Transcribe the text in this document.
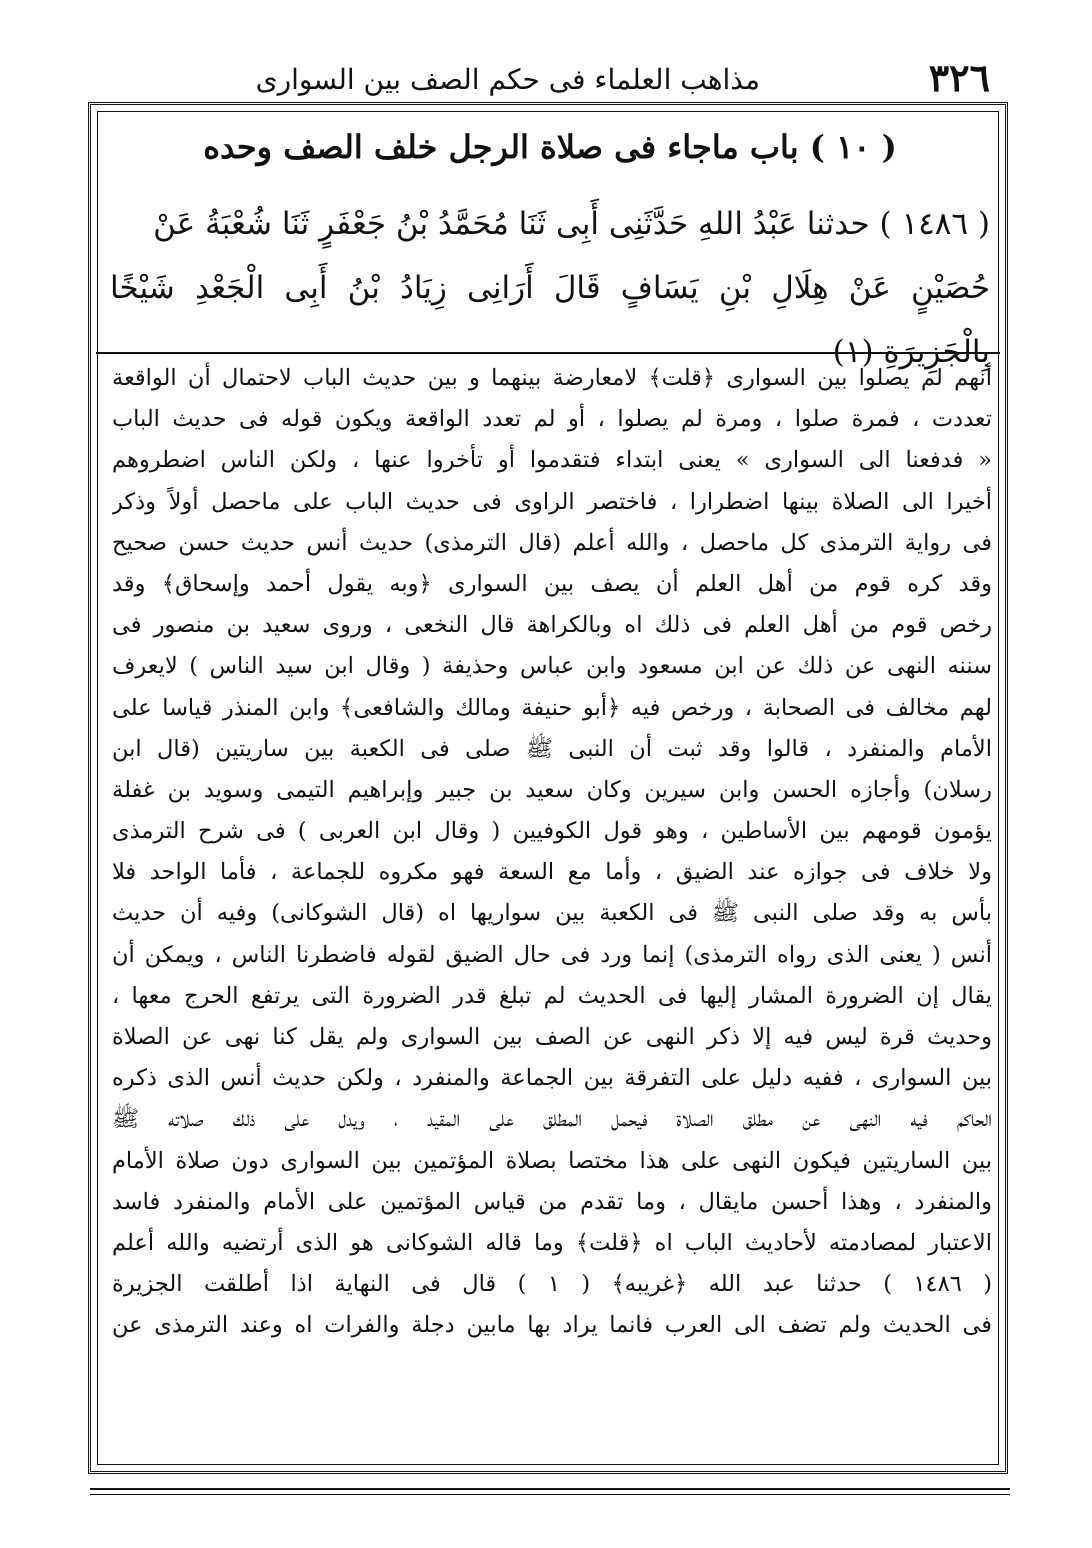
٣٢٦
مذاهب العلماء فى حكم الصف بين السوارى
( ١٠ ) باب ماجاء فى صلاة الرجل خلف الصف وحده
( ١٤٨٦ ) حدثنا عَبْدُ اللهِ حَدَّثَنِى أَبِى ثَنَا مُحَمَّدُ بْنُ جَعْفَرٍ ثَنَا شُعْبَةُ عَنْ
حُصَيْنٍ عَنْ هِلَالِ بْنِ يَسَافٍ قَالَ أَرَانِى زِيَادُ بْنُ أَبِى الْجَعْدِ شَيْخًا بِالْجَزِيرَةِ (١)
أنهم لم يصلوا بين السوارى ﴿قلت﴾ لامعارضة بينهما و بين حديث الباب لاحتمال أن الواقعة
تعددت ، فمرة صلوا ، ومرة لم يصلوا ، أو لم تعدد الواقعة ويكون قوله فى حديث الباب
« فدفعنا الى السوارى » يعنى ابتداء فتقدموا أو تأخروا عنها ، ولكن الناس اضطروهم
أخيرا الى الصلاة بينها اضطرارا ، فاختصر الراوى فى حديث الباب على ماحصل أولاً وذكر
فى رواية الترمذى كل ماحصل ، والله أعلم (قال الترمذى) حديث أنس حديث حسن صحيح
وقد كره قوم من أهل العلم أن يصف بين السوارى ﴿وبه يقول أحمد وإسحاق﴾ وقد
رخص قوم من أهل العلم فى ذلك اه وبالكراهة قال النخعى ، وروى سعيد بن منصور فى
سننه النهى عن ذلك عن ابن مسعود وابن عباس وحذيفة ( وقال ابن سيد الناس ) لايعرف
لهم مخالف فى الصحابة ، ورخص فيه ﴿أبو حنيفة ومالك والشافعى﴾ وابن المنذر قياسا على
الأمام والمنفرد ، قالوا وقد ثبت أن النبى ﷺ صلى فى الكعبة بين ساريتين (قال ابن
رسلان) وأجازه الحسن وابن سيرين وكان سعيد بن جبير وإبراهيم التيمى وسويد بن غفلة
يؤمون قومهم بين الأساطين ، وهو قول الكوفيين ( وقال ابن العربى ) فى شرح الترمذى
ولا خلاف فى جوازه عند الضيق ، وأما مع السعة فهو مكروه للجماعة ، فأما الواحد فلا
بأس به وقد صلى النبى ﷺ فى الكعبة بين سواريها اه (قال الشوكانى) وفيه أن حديث
أنس ( يعنى الذى رواه الترمذى) إنما ورد فى حال الضيق لقوله فاضطرنا الناس ، ويمكن أن
يقال إن الضرورة المشار إليها فى الحديث لم تبلغ قدر الضرورة التى يرتفع الحرج معها ،
وحديث قرة ليس فيه إلا ذكر النهى عن الصف بين السوارى ولم يقل كنا نهى عن الصلاة
بين السوارى ، ففيه دليل على التفرقة بين الجماعة والمنفرد ، ولكن حديث أنس الذى ذكره
الحاكم فيه النهى عن مطلق الصلاة فيحمل المطلق على المقيد ، ويدل على ذلك صلاته ﷺ
بين الساريتين فيكون النهى على هذا مختصا بصلاة المؤتمين بين السوارى دون صلاة الأمام
والمنفرد ، وهذا أحسن مايقال ، وما تقدم من قياس المؤتمين على الأمام والمنفرد فاسد
الاعتبار لمصادمته لأحاديث الباب اه ﴿قلت﴾ وما قاله الشوكانى هو الذى أرتضيه والله أعلم
( ١٤٨٦ ) حدثنا عبد الله ﴿غريبه﴾ ( ١ ) قال فى النهاية اذا أطلقت الجزيرة
فى الحديث ولم تضف الى العرب فانما يراد بها مابين دجلة والفرات اه وعند الترمذى عن
